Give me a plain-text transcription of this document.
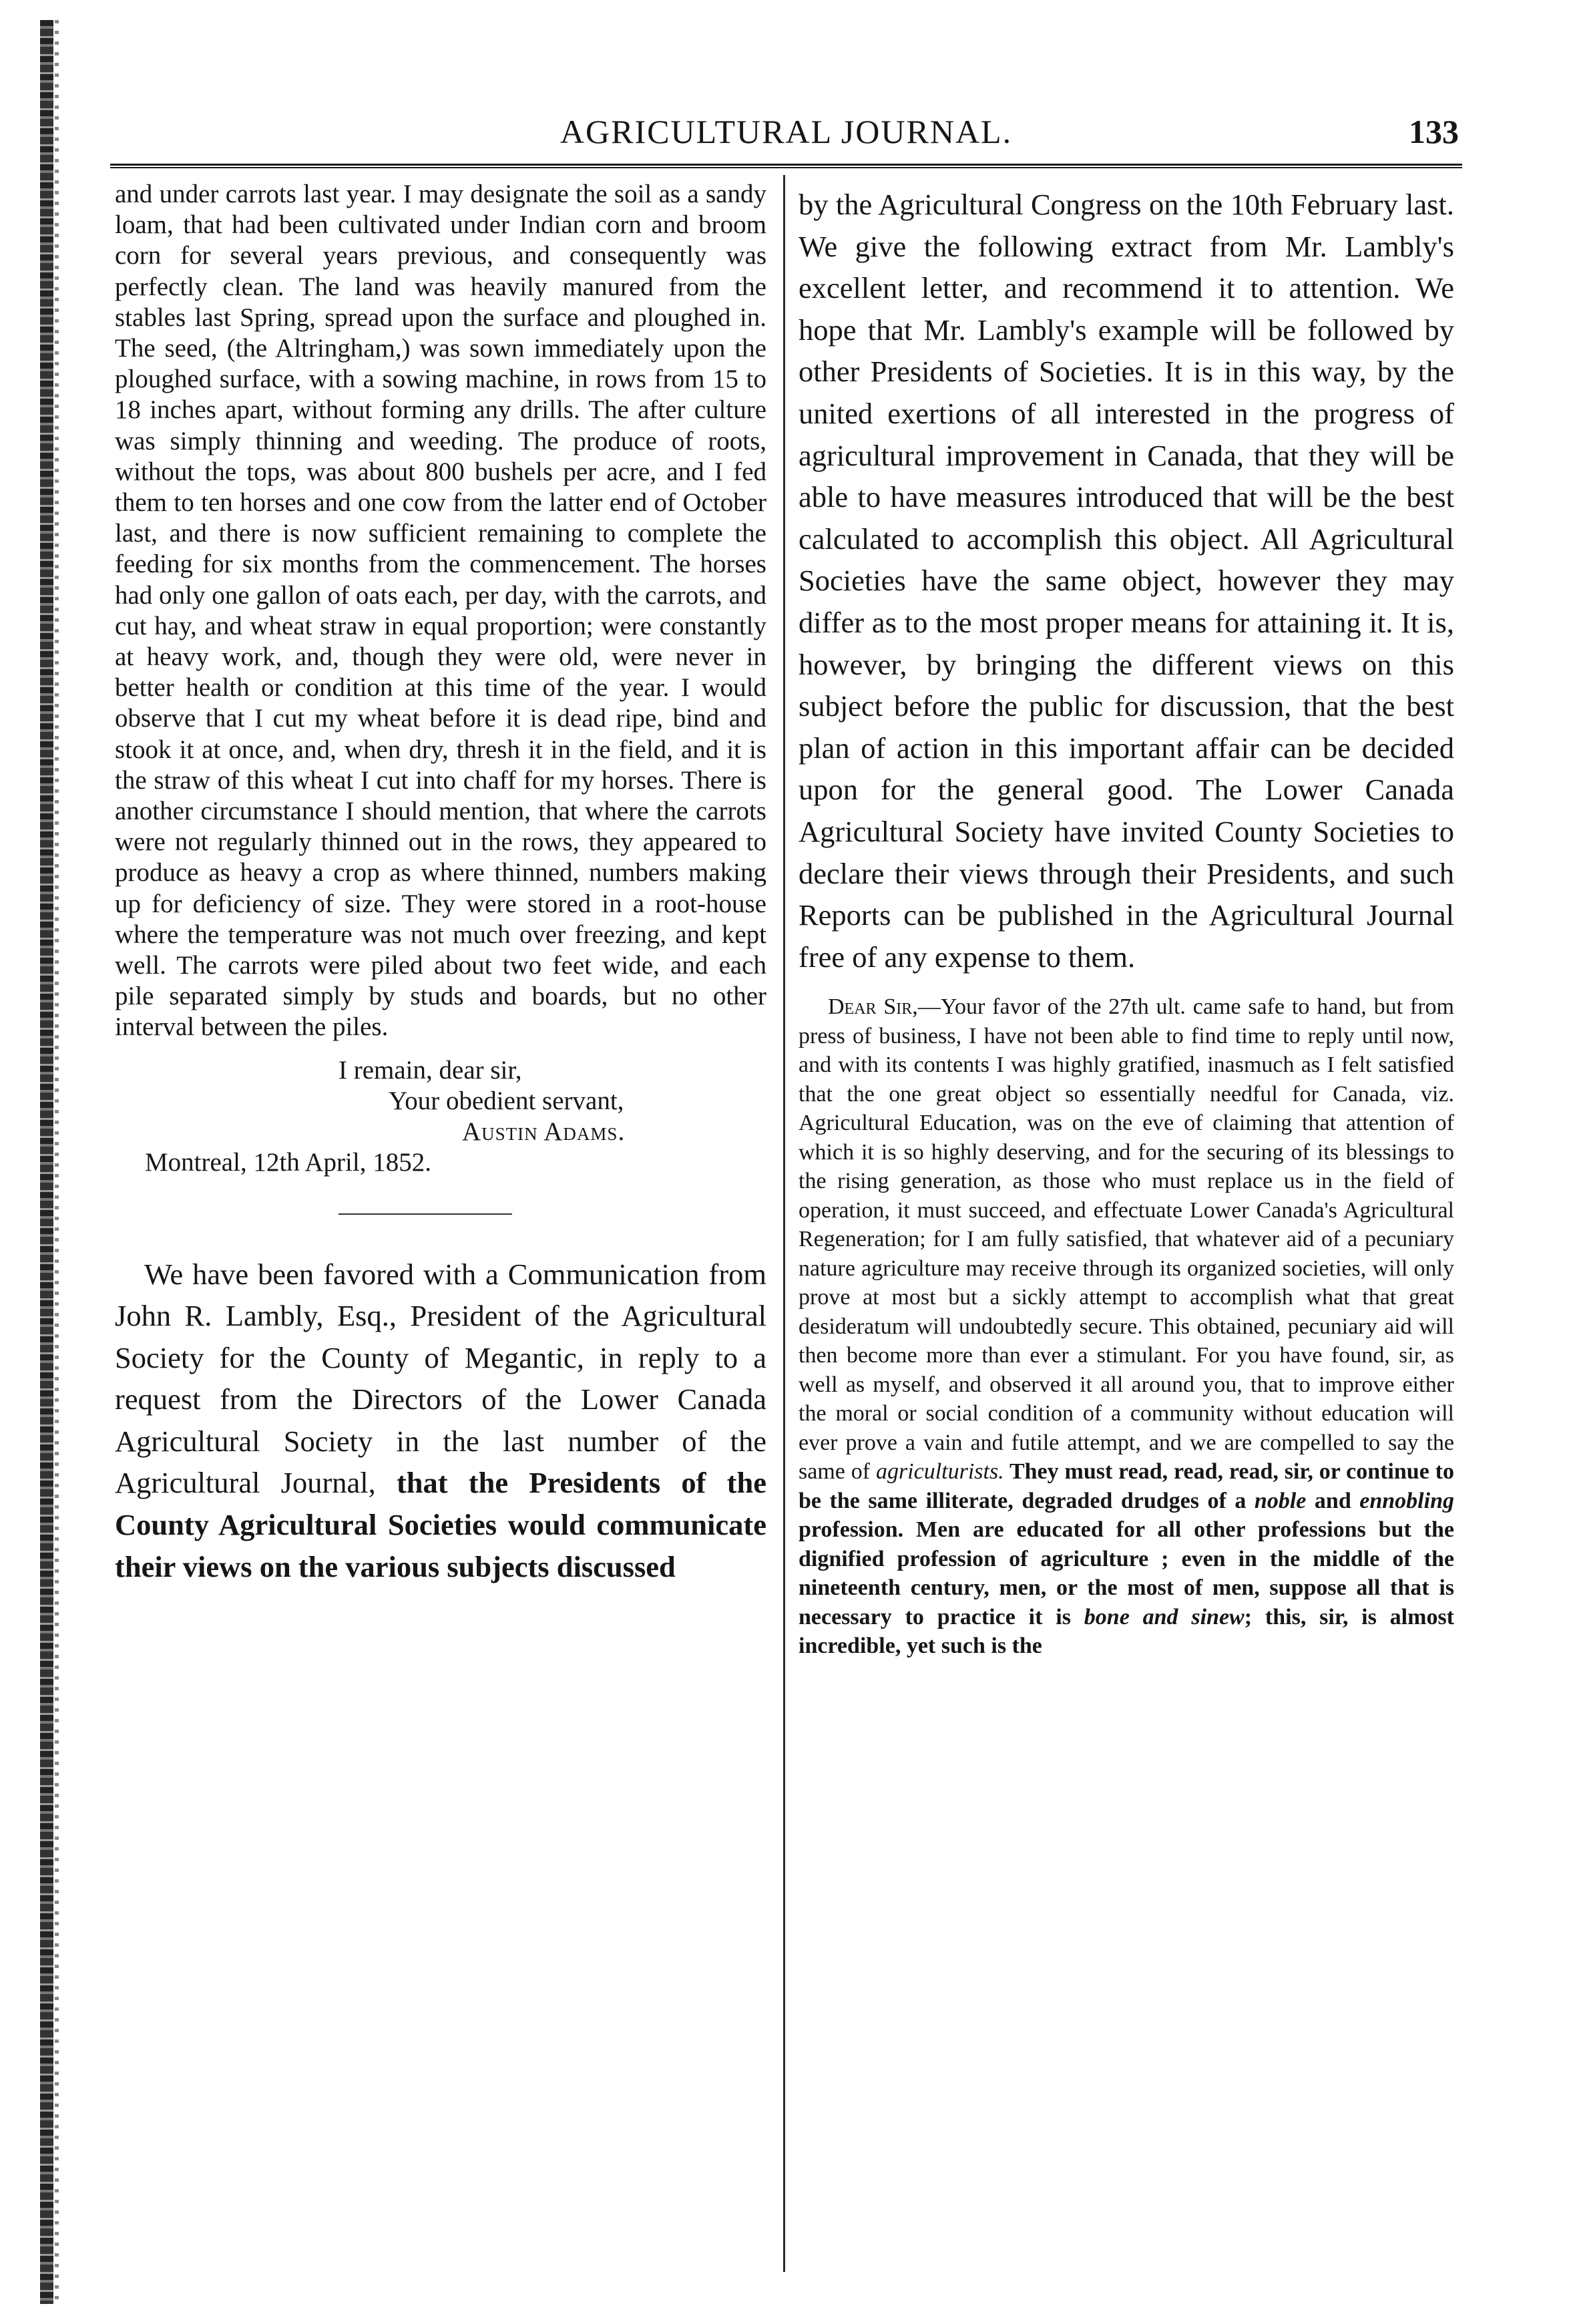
AGRICULTURAL JOURNAL.	133

and under carrots last year. I may designate the soil as a sandy loam, that had been cultivated under Indian corn and broom corn for several years previous, and consequently was perfectly clean. The land was heavily manured from the stables last Spring, spread upon the surface and ploughed in. The seed, (the Altringham,) was sown immediately upon the ploughed surface, with a sowing machine, in rows from 15 to 18 inches apart, without forming any drills. The after culture was simply thinning and weeding. The produce of roots, without the tops, was about 800 bushels per acre, and I fed them to ten horses and one cow from the latter end of October last, and there is now sufficient remaining to complete the feeding for six months from the commencement. The horses had only one gallon of oats each, per day, with the carrots, and cut hay, and wheat straw in equal proportion; were constantly at heavy work, and, though they were old, were never in better health or condition at this time of the year. I would observe that I cut my wheat before it is dead ripe, bind and stook it at once, and, when dry, thresh it in the field, and it is the straw of this wheat I cut into chaff for my horses. There is another circumstance I should mention, that where the carrots were not regularly thinned out in the rows, they appeared to produce as heavy a crop as where thinned, numbers making up for deficiency of size. They were stored in a root-house where the temperature was not much over freezing, and kept well. The carrots were piled about two feet wide, and each pile separated simply by studs and boards, but no other interval between the piles.

I remain, dear sir,
Your obedient servant,
Austin Adams.
Montreal, 12th April, 1852.

We have been favored with a Communication from John R. Lambly, Esq., President of the Agricultural Society for the County of Megantic, in reply to a request from the Directors of the Lower Canada Agricultural Society in the last number of the Agricultural Journal, that the Presidents of the County Agricultural Societies would communicate their views on the various subjects discussed

by the Agricultural Congress on the 10th February last. We give the following extract from Mr. Lambly's excellent letter, and recommend it to attention. We hope that Mr. Lambly's example will be followed by other Presidents of Societies. It is in this way, by the united exertions of all interested in the progress of agricultural improvement in Canada, that they will be able to have measures introduced that will be the best calculated to accomplish this object. All Agricultural Societies have the same object, however they may differ as to the most proper means for attaining it. It is, however, by bringing the different views on this subject before the public for discussion, that the best plan of action in this important affair can be decided upon for the general good. The Lower Canada Agricultural Society have invited County Societies to declare their views through their Presidents, and such Reports can be published in the Agricultural Journal free of any expense to them.

Dear Sir,—Your favor of the 27th ult. came safe to hand, but from press of business, I have not been able to find time to reply until now, and with its contents I was highly gratified, inasmuch as I felt satisfied that the one great object so essentially needful for Canada, viz. Agricultural Education, was on the eve of claiming that attention of which it is so highly deserving, and for the securing of its blessings to the rising generation, as those who must replace us in the field of operation, it must succeed, and effectuate Lower Canada's Agricultural Regeneration; for I am fully satisfied, that whatever aid of a pecuniary nature agriculture may receive through its organized societies, will only prove at most but a sickly attempt to accomplish what that great desideratum will undoubtedly secure. This obtained, pecuniary aid will then become more than ever a stimulant. For you have found, sir, as well as myself, and observed it all around you, that to improve either the moral or social condition of a community without education will ever prove a vain and futile attempt, and we are compelled to say the same of agriculturists. They must read, read, read, sir, or continue to be the same illiterate, degraded drudges of a noble and ennobling profession. Men are educated for all other professions but the dignified profession of agriculture ; even in the middle of the nineteenth century, men, or the most of men, suppose all that is necessary to practice it is bone and sinew; this, sir, is almost incredible, yet such is the
